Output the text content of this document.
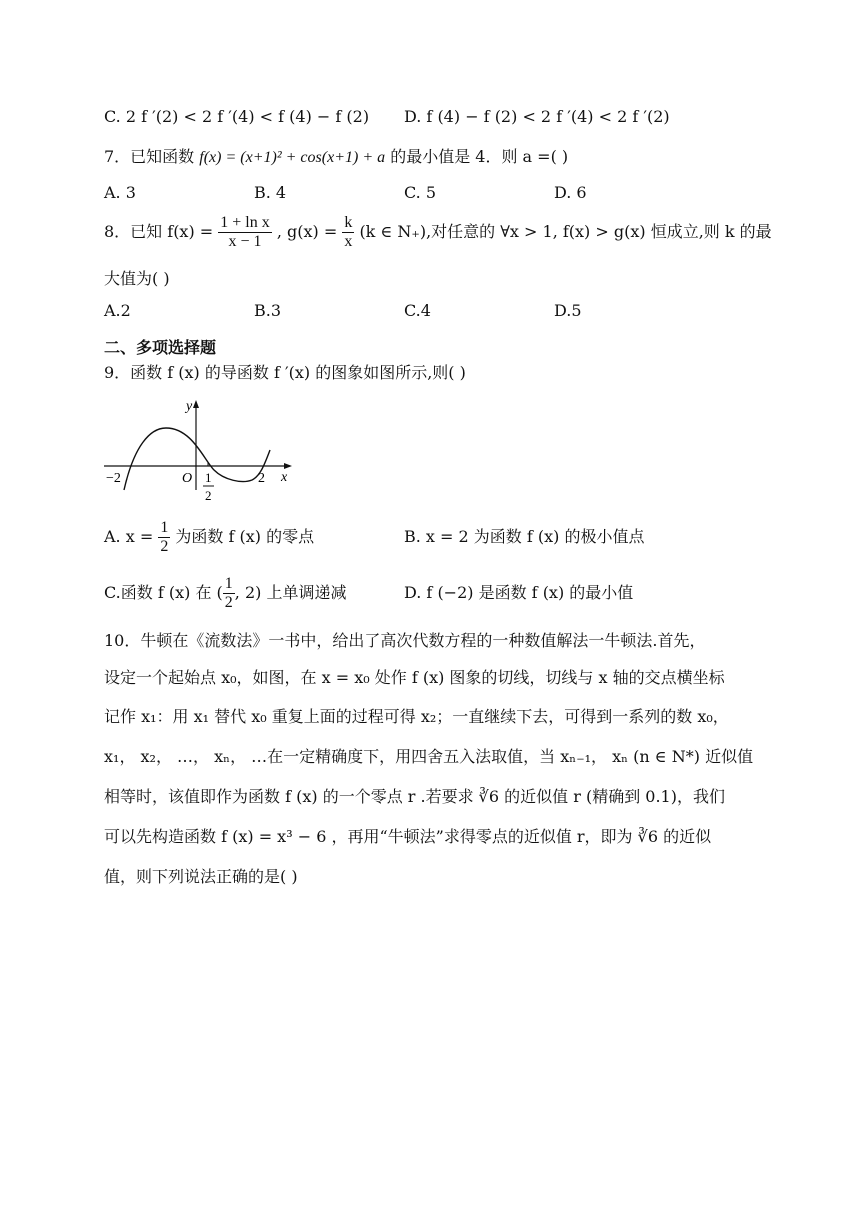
C. 2 f ′(2) < 2 f ′(4) < f (4) − f (2) D. f (4) − f (2) < 2 f ′(4) < 2 f ′(2)
7．已知函数 f(x) = (x+1)² + cos(x+1) + a 的最小值是 4．则 a =( )
A. 3	B. 4	C. 5	D. 6
8．已知 $f(x) = \frac{\text{1 + ln x}}{x - 1}$ , $g(x) = \frac{k}{x} (k$ ∈ N₊),对任意的 ∀x > 1, f(x) > g(x) 恒成立,则 k 的最
大值为( )
A.2	B.3	C.4	D.5
二、多项选择题
9．函数 f (x) 的导函数 f ′(x) 的图象如图所示,则( )
y
x
O
−2	2
1
2
A. $x = \frac{1}{2}$ 为函数 f (x) 的零点	B. x = 2 为函数 f (x) 的极小值点
C.函数 f (x) 在 ( $\frac{1}{2}$ , 2) 上单调递减	D. f (−2) 是函数 f (x) 的最小值
10．牛顿在《流数法》一书中，给出了高次代数方程的一种数值解法一牛顿法.首先，
设定一个起始点 x₀，如图，在 x = x₀ 处作 f (x) 图象的切线，切线与 x 轴的交点横坐标
记作 x₁：用 x₁ 替代 x₀ 重复上面的过程可得 x₂；一直继续下去，可得到一系列的数 x₀，
x₁， x₂， …， xₙ， …在一定精确度下，用四舍五入法取值，当 xₙ₋₁， xₙ (n ∈ N*) 近似值
相等时，该值即作为函数 f (x) 的一个零点 r .若要求 ∛6 的近似值 r (精确到 0.1)，我们
可以先构造函数 f (x) = x³ − 6 ，再用“牛顿法”求得零点的近似值 r，即为 ∛6 的近似
值，则下列说法正确的是( )
